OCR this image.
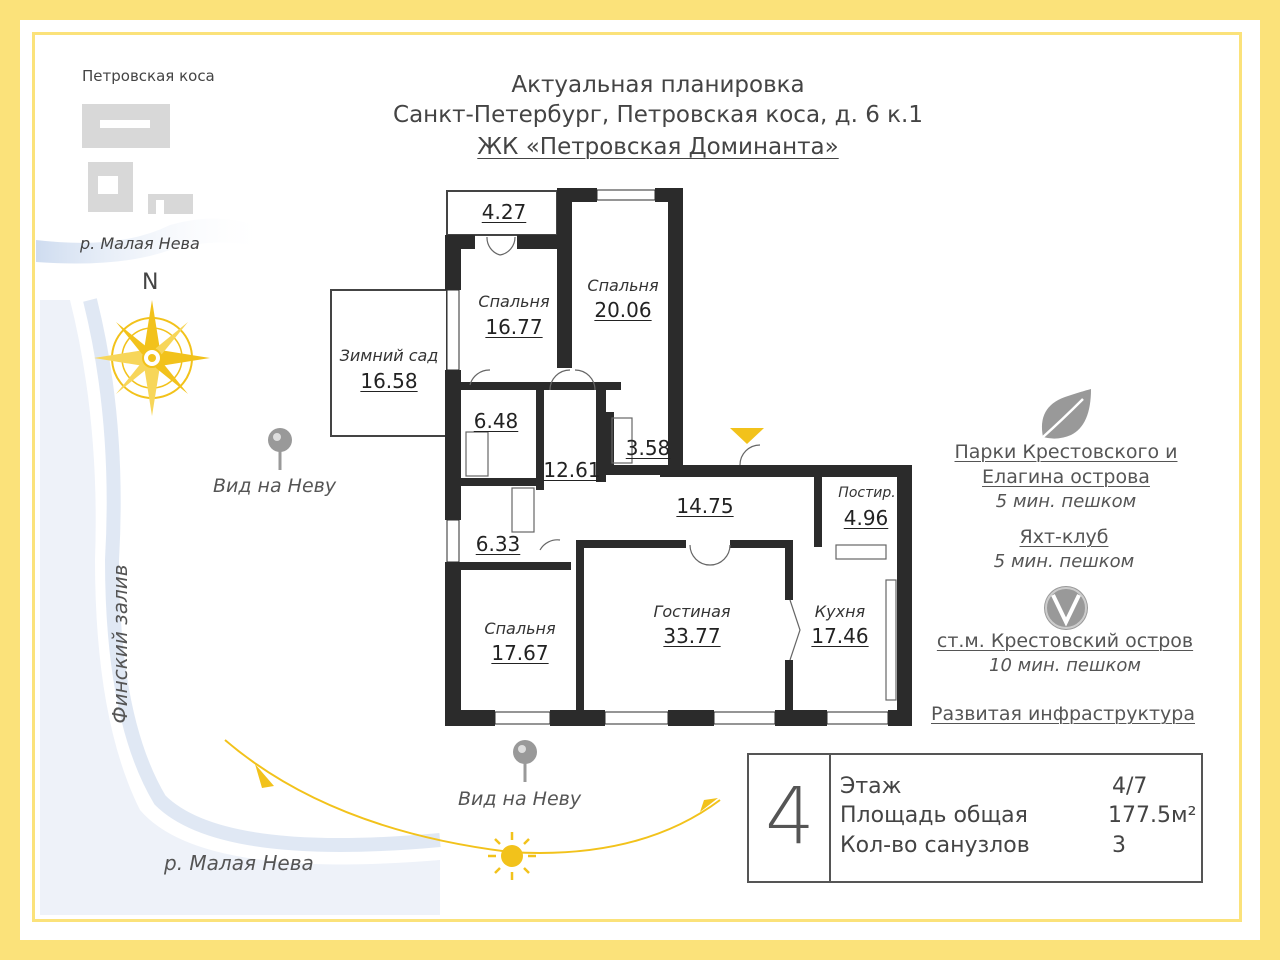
Актуальная планировка
Санкт-Петербург, Петровская коса, д. 6 к.1
ЖК «Петровская Доминанта»
Петровская коса
р. Малая Нева
N
Финский залив
р. Малая Нева
Вид на Неву
Вид на Неву
4.27
Спальня
16.77
Спальня
20.06
Зимний сад
16.58
6.48
12.61
3.58
14.75
Постир.
4.96
6.33
Спальня
17.67
Гостиная
33.77
Кухня
17.46
Парки Крестовского и
Елагина острова
5 мин. пешком
Яхт-клуб
5 мин. пешком
ст.м. Крестовский остров
10 мин. пешком
Развитая инфраструктура
4 Этаж	4/7
Площадь общая	177.5м²
Кол-во санузлов	3
